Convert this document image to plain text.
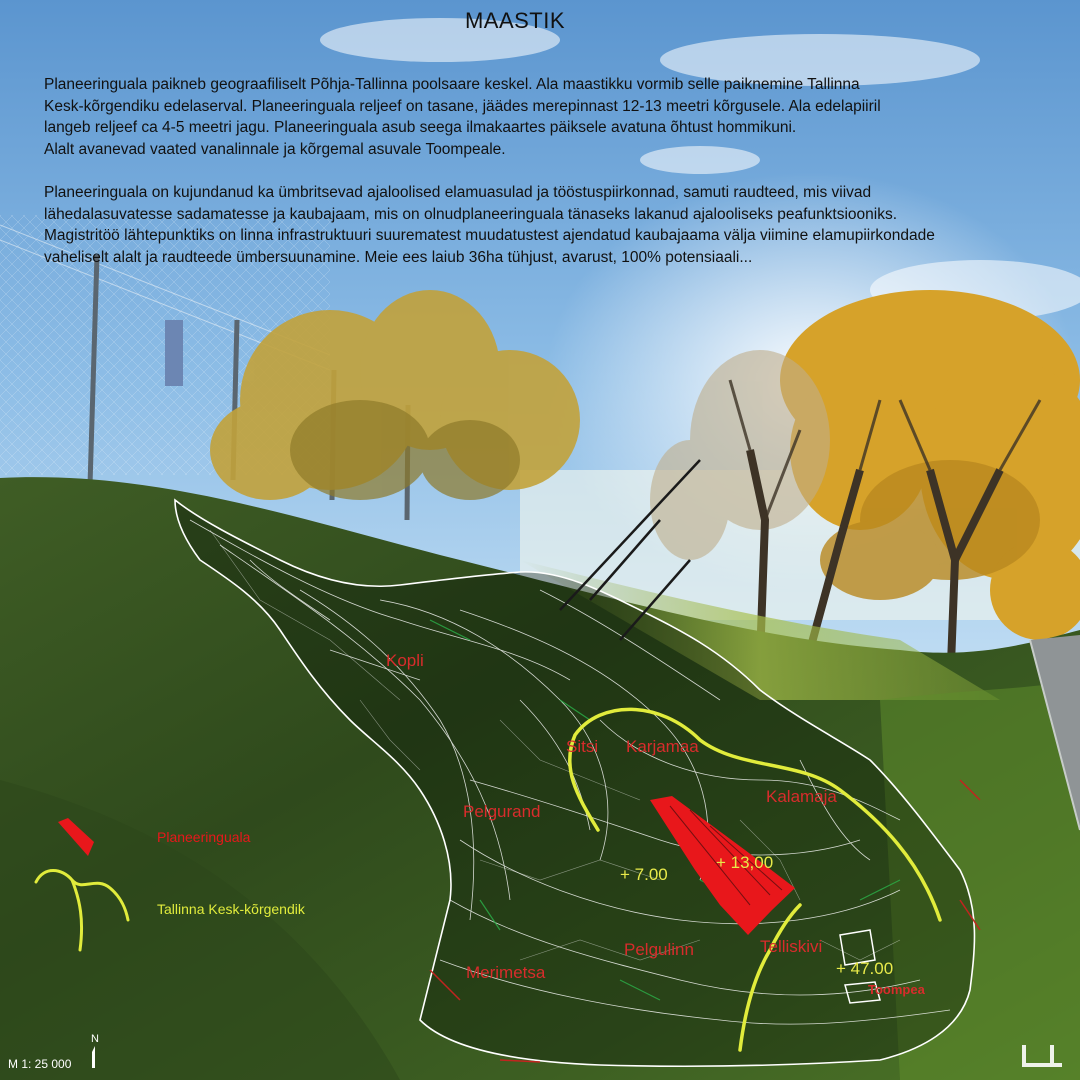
Kopli
Sitsi Karjamaa
Kalamaja
Pelgurand
Pelgulinn	Telliskivi
Merimetsa
Toompea
+ 7.00
+ 13,00
+ 47.00
Planeeringuala
Tallinna Kesk-kõrgendik
M 1: 25 000
N
MAASTIK

Planeeringuala paikneb geograafiliselt Põhja-Tallinna poolsaare keskel. Ala maastikku vormib selle paiknemine Tallinna
Kesk-kõrgendiku edelaserval. Planeeringuala reljeef on tasane, jäädes merepinnast 12-13 meetri kõrgusele. Ala edelapiiril
langeb reljeef ca 4-5 meetri jagu. Planeeringuala asub seega ilmakaartes päiksele avatuna õhtust hommikuni.
Alalt avanevad vaated vanalinnale ja kõrgemal asuvale Toompeale.

Planeeringuala on kujundanud ka ümbritsevad ajaloolised elamuasulad ja tööstuspiirkonnad, samuti raudteed, mis viivad
lähedalasuvatesse sadamatesse ja kaubajaam, mis on olnudplaneeringuala tänaseks lakanud ajalooliseks peafunktsiooniks.
Magistritöö lähtepunktiks on linna infrastruktuuri suurematest muudatustest ajendatud kaubajaama välja viimine elamupiirkondade
vaheliselt alalt ja raudteede ümbersuunamine. Meie ees laiub 36ha tühjust, avarust, 100% potensiaali...
